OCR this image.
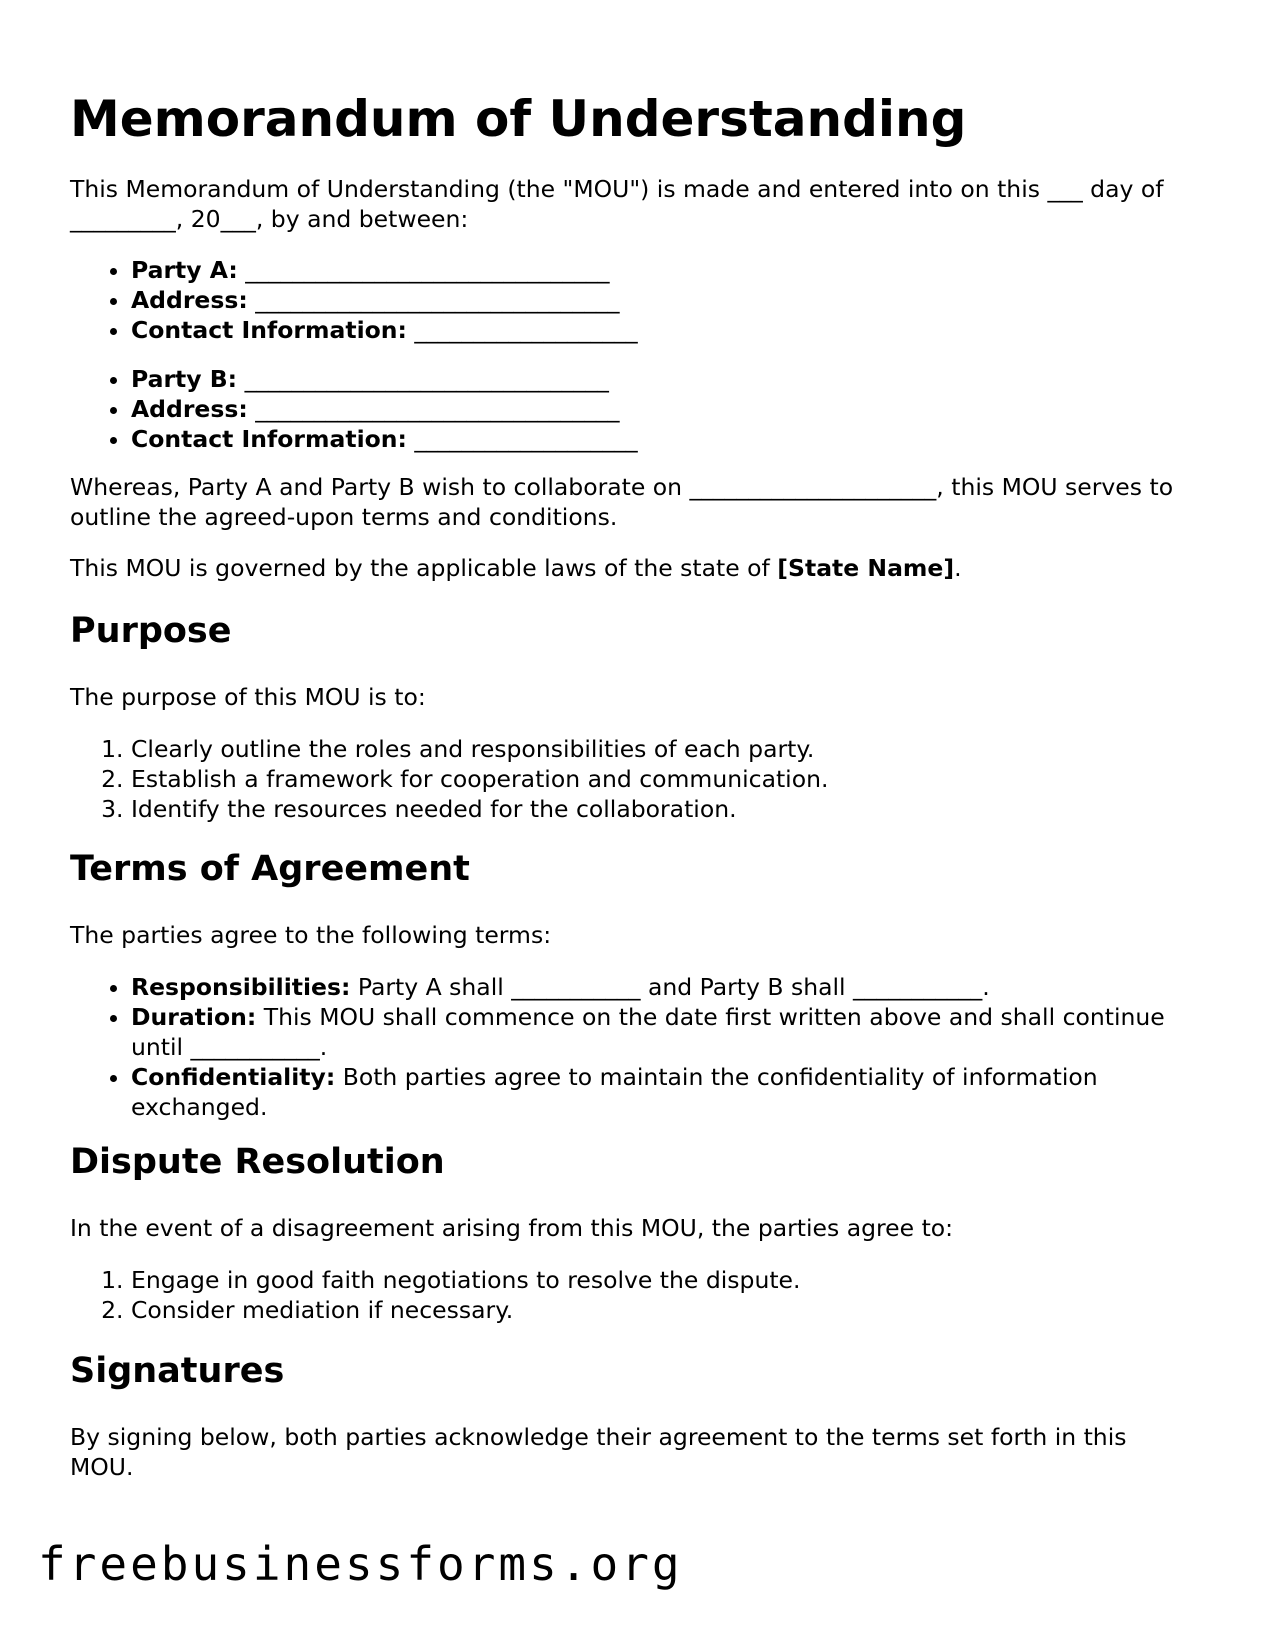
Memorandum of Understanding

This Memorandum of Understanding (the "MOU") is made and entered into on this ___ day of _________, 20___, by and between:

• Party A: _______________________________
• Address: _______________________________
• Contact Information: ___________________
• Party B: _______________________________
• Address: _______________________________
• Contact Information: ___________________

Whereas, Party A and Party B wish to collaborate on _____________________, this MOU serves to outline the agreed-upon terms and conditions.

This MOU is governed by the applicable laws of the state of [State Name].

Purpose

The purpose of this MOU is to:

1. Clearly outline the roles and responsibilities of each party.
2. Establish a framework for cooperation and communication.
3. Identify the resources needed for the collaboration.
Terms of Agreement

The parties agree to the following terms:

• Responsibilities: Party A shall ___________ and Party B shall ___________.
• Duration: This MOU shall commence on the date first written above and shall continue until ___________.
• Confidentiality: Both parties agree to maintain the confidentiality of information exchanged.
Dispute Resolution

In the event of a disagreement arising from this MOU, the parties agree to:

1. Engage in good faith negotiations to resolve the dispute.
2. Consider mediation if necessary.
Signatures

By signing below, both parties acknowledge their agreement to the terms set forth in this MOU.

freebusinessforms.org
